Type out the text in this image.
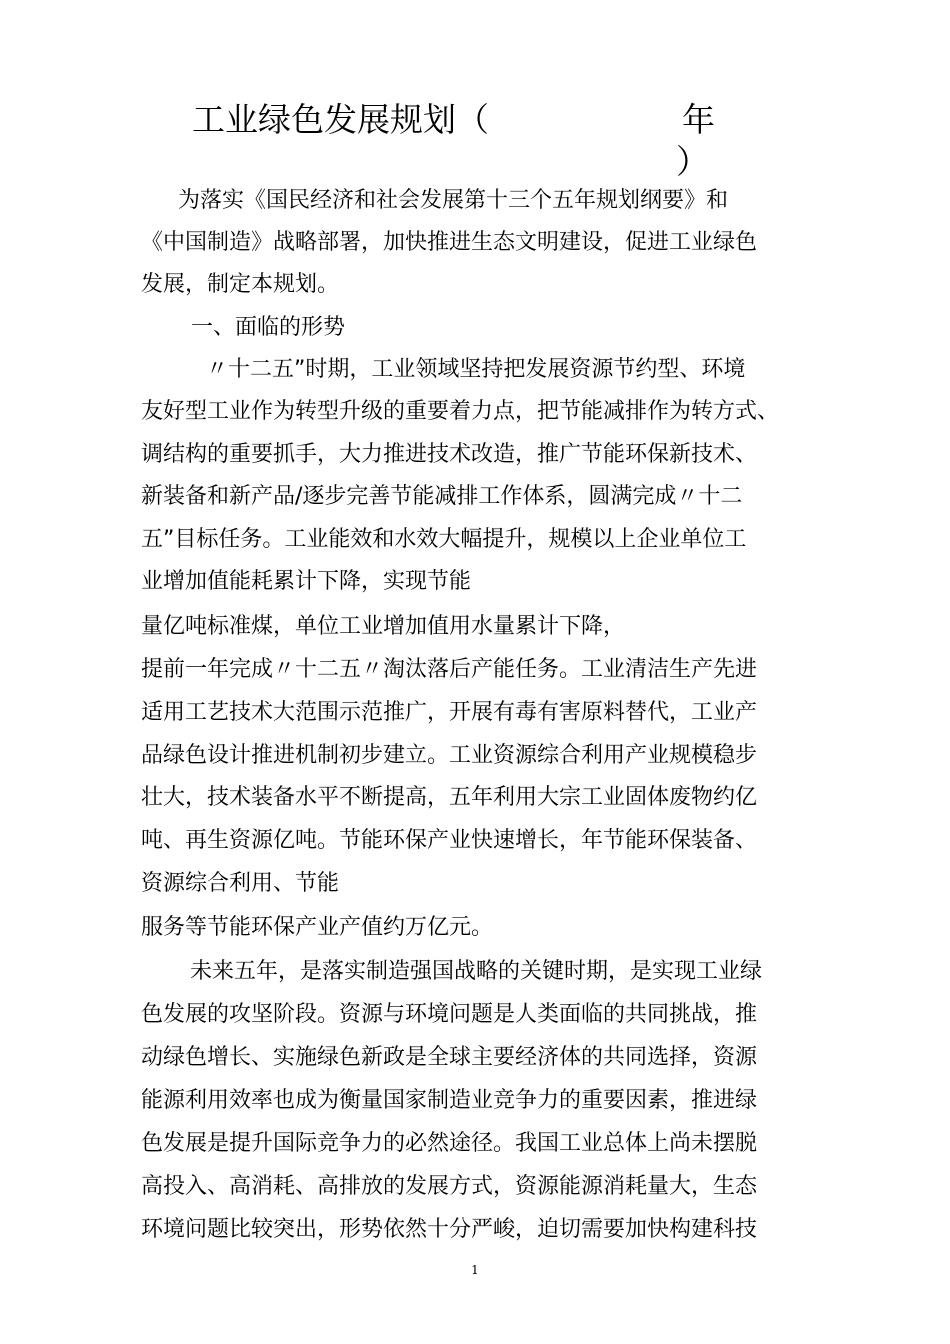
工业绿色发展规划（	年
）
为落实《国民经济和社会发展第十三个五年规划纲要》和
《中国制造》战略部署，加快推进生态文明建设，促进工业绿色
发展，制定本规划。
一、面临的形势
〃十二五”时期，工业领域坚持把发展资源节约型、环境
友好型工业作为转型升级的重要着力点，把节能减排作为转方式、
调结构的重要抓手，大力推进技术改造，推广节能环保新技术、
新装备和新产品/逐步完善节能减排工作体系，圆满完成〃十二
五”目标任务。工业能效和水效大幅提升，规模以上企业单位工
业增加值能耗累计下降，实现节能
量亿吨标准煤，单位工业增加值用水量累计下降，
提前一年完成〃十二五〃淘汰落后产能任务。工业清洁生产先进
适用工艺技术大范围示范推广，开展有毒有害原料替代，工业产
品绿色设计推进机制初步建立。工业资源综合利用产业规模稳步
壮大，技术装备水平不断提高，五年利用大宗工业固体废物约亿
吨、再生资源亿吨。节能环保产业快速增长，年节能环保装备、
资源综合利用、节能
服务等节能环保产业产值约万亿元。
未来五年，是落实制造强国战略的关键时期，是实现工业绿
色发展的攻坚阶段。资源与环境问题是人类面临的共同挑战，推
动绿色增长、实施绿色新政是全球主要经济体的共同选择，资源
能源利用效率也成为衡量国家制造业竞争力的重要因素，推进绿
色发展是提升国际竞争力的必然途径。我国工业总体上尚未摆脱
高投入、高消耗、高排放的发展方式，资源能源消耗量大，生态
环境问题比较突出，形势依然十分严峻，迫切需要加快构建科技
1
